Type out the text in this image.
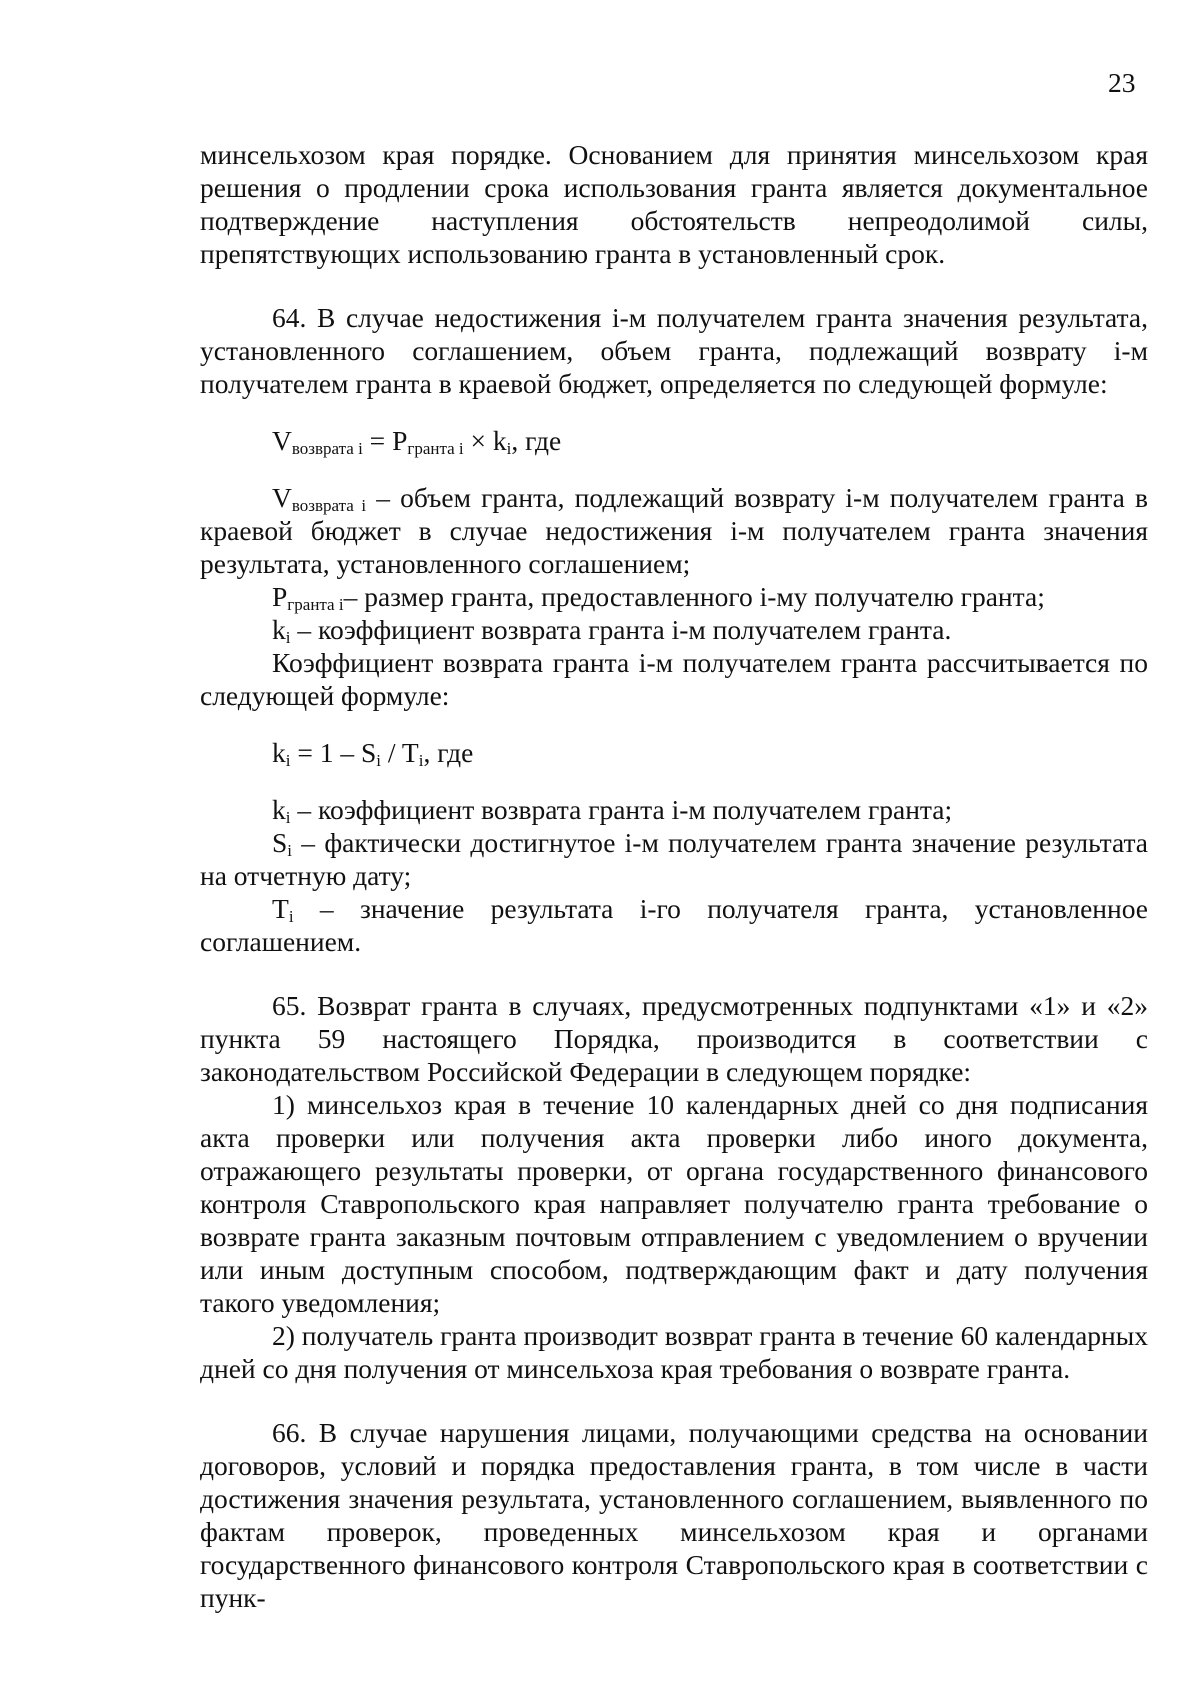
23

минсельхозом края порядке. Основанием для принятия минсельхозом края решения о продлении срока использования гранта является документальное подтверждение наступления обстоятельств непреодолимой силы, препятствующих использованию гранта в установленный срок.

64. В случае недостижения i-м получателем гранта значения результата, установленного соглашением, объем гранта, подлежащий возврату i-м получателем гранта в краевой бюджет, определяется по следующей формуле:

$V_{возврата i} = P_{гранта i} \times k_i$, где

$V_{возврата i}$ – объем гранта, подлежащий возврату i-м получателем гранта в краевой бюджет в случае недостижения i-м получателем гранта значения результата, установленного соглашением;

$P_{гранта i}-$ размер гранта, предоставленного i-му получателю гранта;

$k_i$ – коэффициент возврата гранта i-м получателем гранта.

Коэффициент возврата гранта i-м получателем гранта рассчитывается по следующей формуле:

$k_i = 1 - S_i / T_i$, где

$k_i$ – коэффициент возврата гранта i-м получателем гранта;

$S_i$ – фактически достигнутое i-м получателем гранта значение результата на отчетную дату;

$T_i$ – значение результата i-го получателя гранта, установленное соглашением.

65. Возврат гранта в случаях, предусмотренных подпунктами «1» и «2» пункта 59 настоящего Порядка, производится в соответствии с законодательством Российской Федерации в следующем порядке:

1) минсельхоз края в течение 10 календарных дней со дня подписания акта проверки или получения акта проверки либо иного документа, отражающего результаты проверки, от органа государственного финансового контроля Ставропольского края направляет получателю гранта требование о возврате гранта заказным почтовым отправлением с уведомлением о вручении или иным доступным способом, подтверждающим факт и дату получения такого уведомления;

2) получатель гранта производит возврат гранта в течение 60 календарных дней со дня получения от минсельхоза края требования о возврате гранта.

66. В случае нарушения лицами, получающими средства на основании договоров, условий и порядка предоставления гранта, в том числе в части достижения значения результата, установленного соглашением, выявленного по фактам проверок, проведенных минсельхозом края и органами государственного финансового контроля Ставропольского края в соответствии с пунк-
